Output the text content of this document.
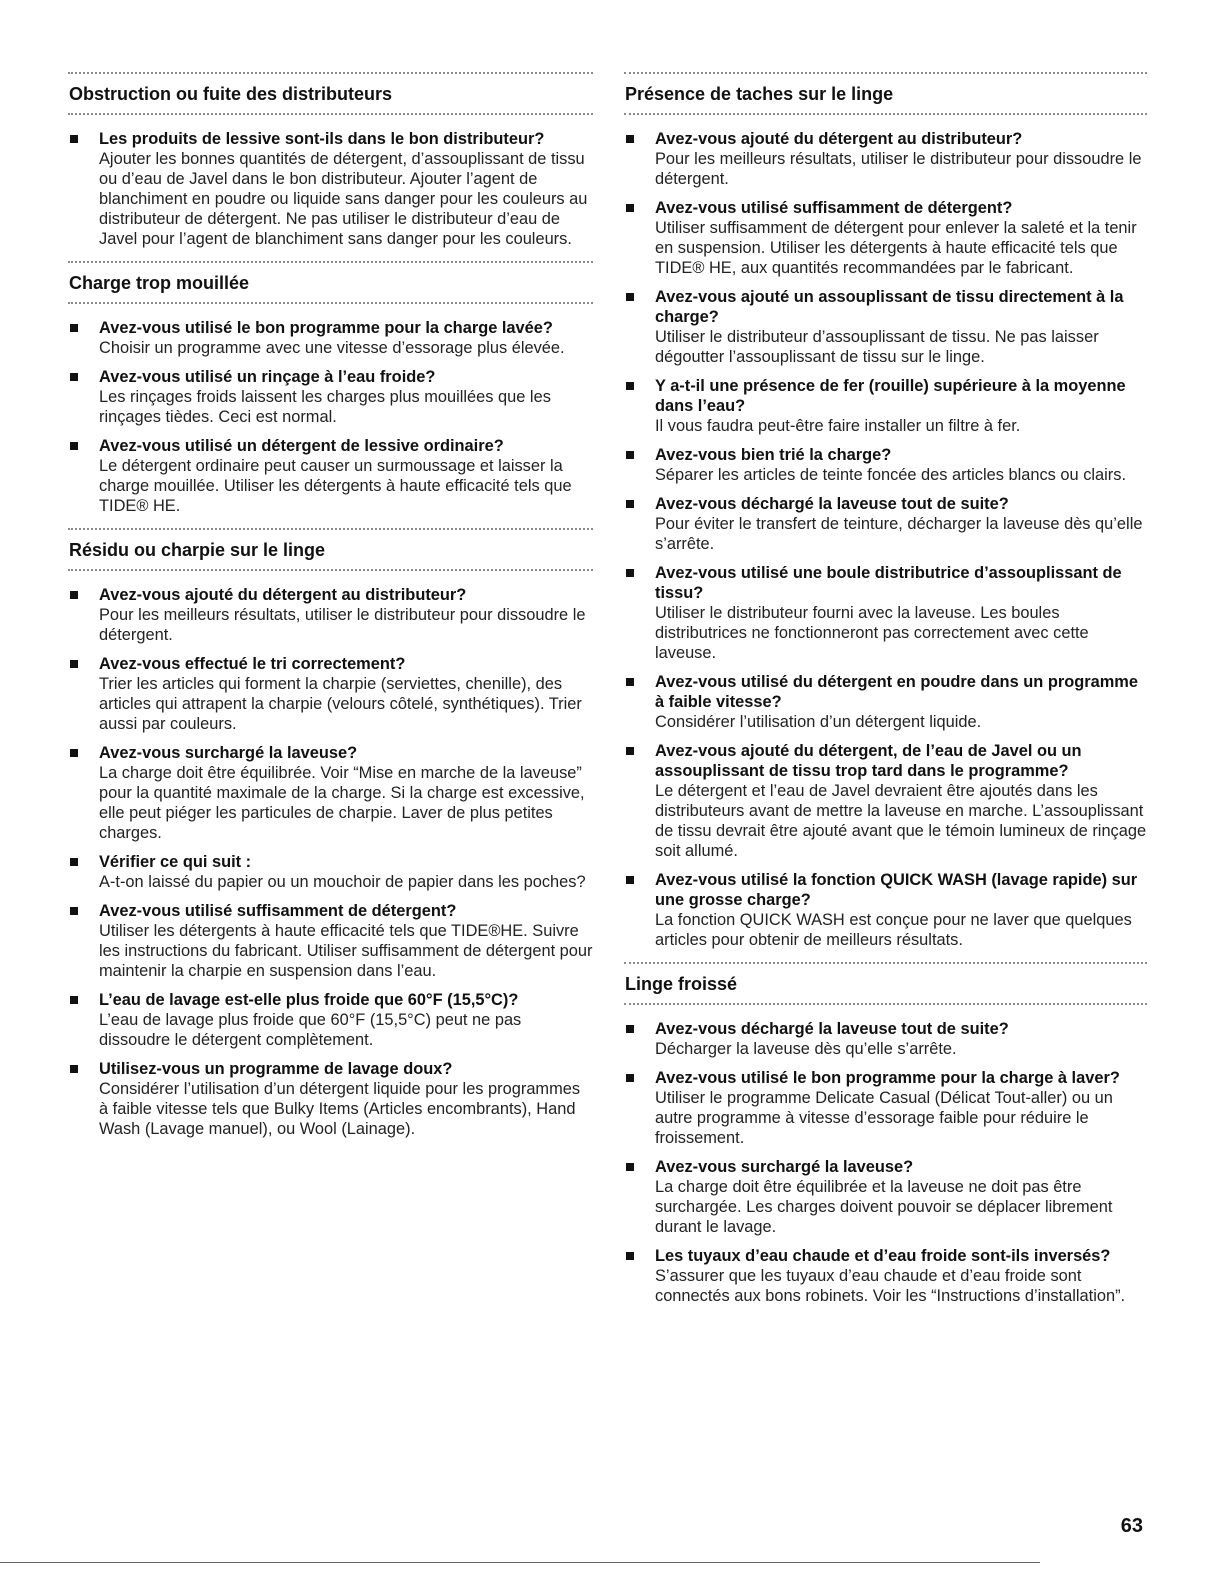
Obstruction ou fuite des distributeurs
Les produits de lessive sont-ils dans le bon distributeur?
Ajouter les bonnes quantités de détergent, d’assouplissant de tissu ou d’eau de Javel dans le bon distributeur. Ajouter l’agent de blanchiment en poudre ou liquide sans danger pour les couleurs au distributeur de détergent. Ne pas utiliser le distributeur d’eau de Javel pour l’agent de blanchiment sans danger pour les couleurs.
Charge trop mouillée
Avez-vous utilisé le bon programme pour la charge lavée?
Choisir un programme avec une vitesse d’essorage plus élevée.
Avez-vous utilisé un rinçage à l’eau froide?
Les rinçages froids laissent les charges plus mouillées que les rinçages tièdes. Ceci est normal.
Avez-vous utilisé un détergent de lessive ordinaire?
Le détergent ordinaire peut causer un surmoussage et laisser la charge mouillée. Utiliser les détergents à haute efficacité tels que TIDE® HE.
Résidu ou charpie sur le linge
Avez-vous ajouté du détergent au distributeur?
Pour les meilleurs résultats, utiliser le distributeur pour dissoudre le détergent.
Avez-vous effectué le tri correctement?
Trier les articles qui forment la charpie (serviettes, chenille), des articles qui attrapent la charpie (velours côtelé, synthétiques). Trier aussi par couleurs.
Avez-vous surchargé la laveuse?
La charge doit être équilibrée. Voir “Mise en marche de la laveuse” pour la quantité maximale de la charge. Si la charge est excessive, elle peut piéger les particules de charpie. Laver de plus petites charges.
Vérifier ce qui suit :
A-t-on laissé du papier ou un mouchoir de papier dans les poches?
Avez-vous utilisé suffisamment de détergent?
Utiliser les détergents à haute efficacité tels que TIDE®HE. Suivre les instructions du fabricant. Utiliser suffisamment de détergent pour maintenir la charpie en suspension dans l’eau.
L’eau de lavage est-elle plus froide que 60°F (15,5°C)?
L’eau de lavage plus froide que 60°F (15,5°C) peut ne pas dissoudre le détergent complètement.
Utilisez-vous un programme de lavage doux?
Considérer l’utilisation d’un détergent liquide pour les programmes à faible vitesse tels que Bulky Items (Articles encombrants), Hand Wash (Lavage manuel), ou Wool (Lainage).
Présence de taches sur le linge
Avez-vous ajouté du détergent au distributeur?
Pour les meilleurs résultats, utiliser le distributeur pour dissoudre le détergent.
Avez-vous utilisé suffisamment de détergent?
Utiliser suffisamment de détergent pour enlever la saleté et la tenir en suspension. Utiliser les détergents à haute efficacité tels que TIDE® HE, aux quantités recommandées par le fabricant.
Avez-vous ajouté un assouplissant de tissu directement à la charge?
Utiliser le distributeur d’assouplissant de tissu. Ne pas laisser dégoutter l’assouplissant de tissu sur le linge.
Y a-t-il une présence de fer (rouille) supérieure à la moyenne dans l’eau?
Il vous faudra peut-être faire installer un filtre à fer.
Avez-vous bien trié la charge?
Séparer les articles de teinte foncée des articles blancs ou clairs.
Avez-vous déchargé la laveuse tout de suite?
Pour éviter le transfert de teinture, décharger la laveuse dès qu’elle s’arrête.
Avez-vous utilisé une boule distributrice d’assouplissant de tissu?
Utiliser le distributeur fourni avec la laveuse. Les boules distributrices ne fonctionneront pas correctement avec cette laveuse.
Avez-vous utilisé du détergent en poudre dans un programme à faible vitesse?
Considérer l’utilisation d’un détergent liquide.
Avez-vous ajouté du détergent, de l’eau de Javel ou un assouplissant de tissu trop tard dans le programme?
Le détergent et l’eau de Javel devraient être ajoutés dans les distributeurs avant de mettre la laveuse en marche. L’assouplissant de tissu devrait être ajouté avant que le témoin lumineux de rinçage soit allumé.
Avez-vous utilisé la fonction QUICK WASH (lavage rapide) sur une grosse charge?
La fonction QUICK WASH est conçue pour ne laver que quelques articles pour obtenir de meilleurs résultats.
Linge froissé
Avez-vous déchargé la laveuse tout de suite?
Décharger la laveuse dès qu’elle s’arrête.
Avez-vous utilisé le bon programme pour la charge à laver?
Utiliser le programme Delicate Casual (Délicat Tout-aller) ou un autre programme à vitesse d’essorage faible pour réduire le froissement.
Avez-vous surchargé la laveuse?
La charge doit être équilibrée et la laveuse ne doit pas être surchargée. Les charges doivent pouvoir se déplacer librement durant le lavage.
Les tuyaux d’eau chaude et d’eau froide sont-ils inversés?
S’assurer que les tuyaux d’eau chaude et d’eau froide sont connectés aux bons robinets. Voir les “Instructions d’installation”.
63
